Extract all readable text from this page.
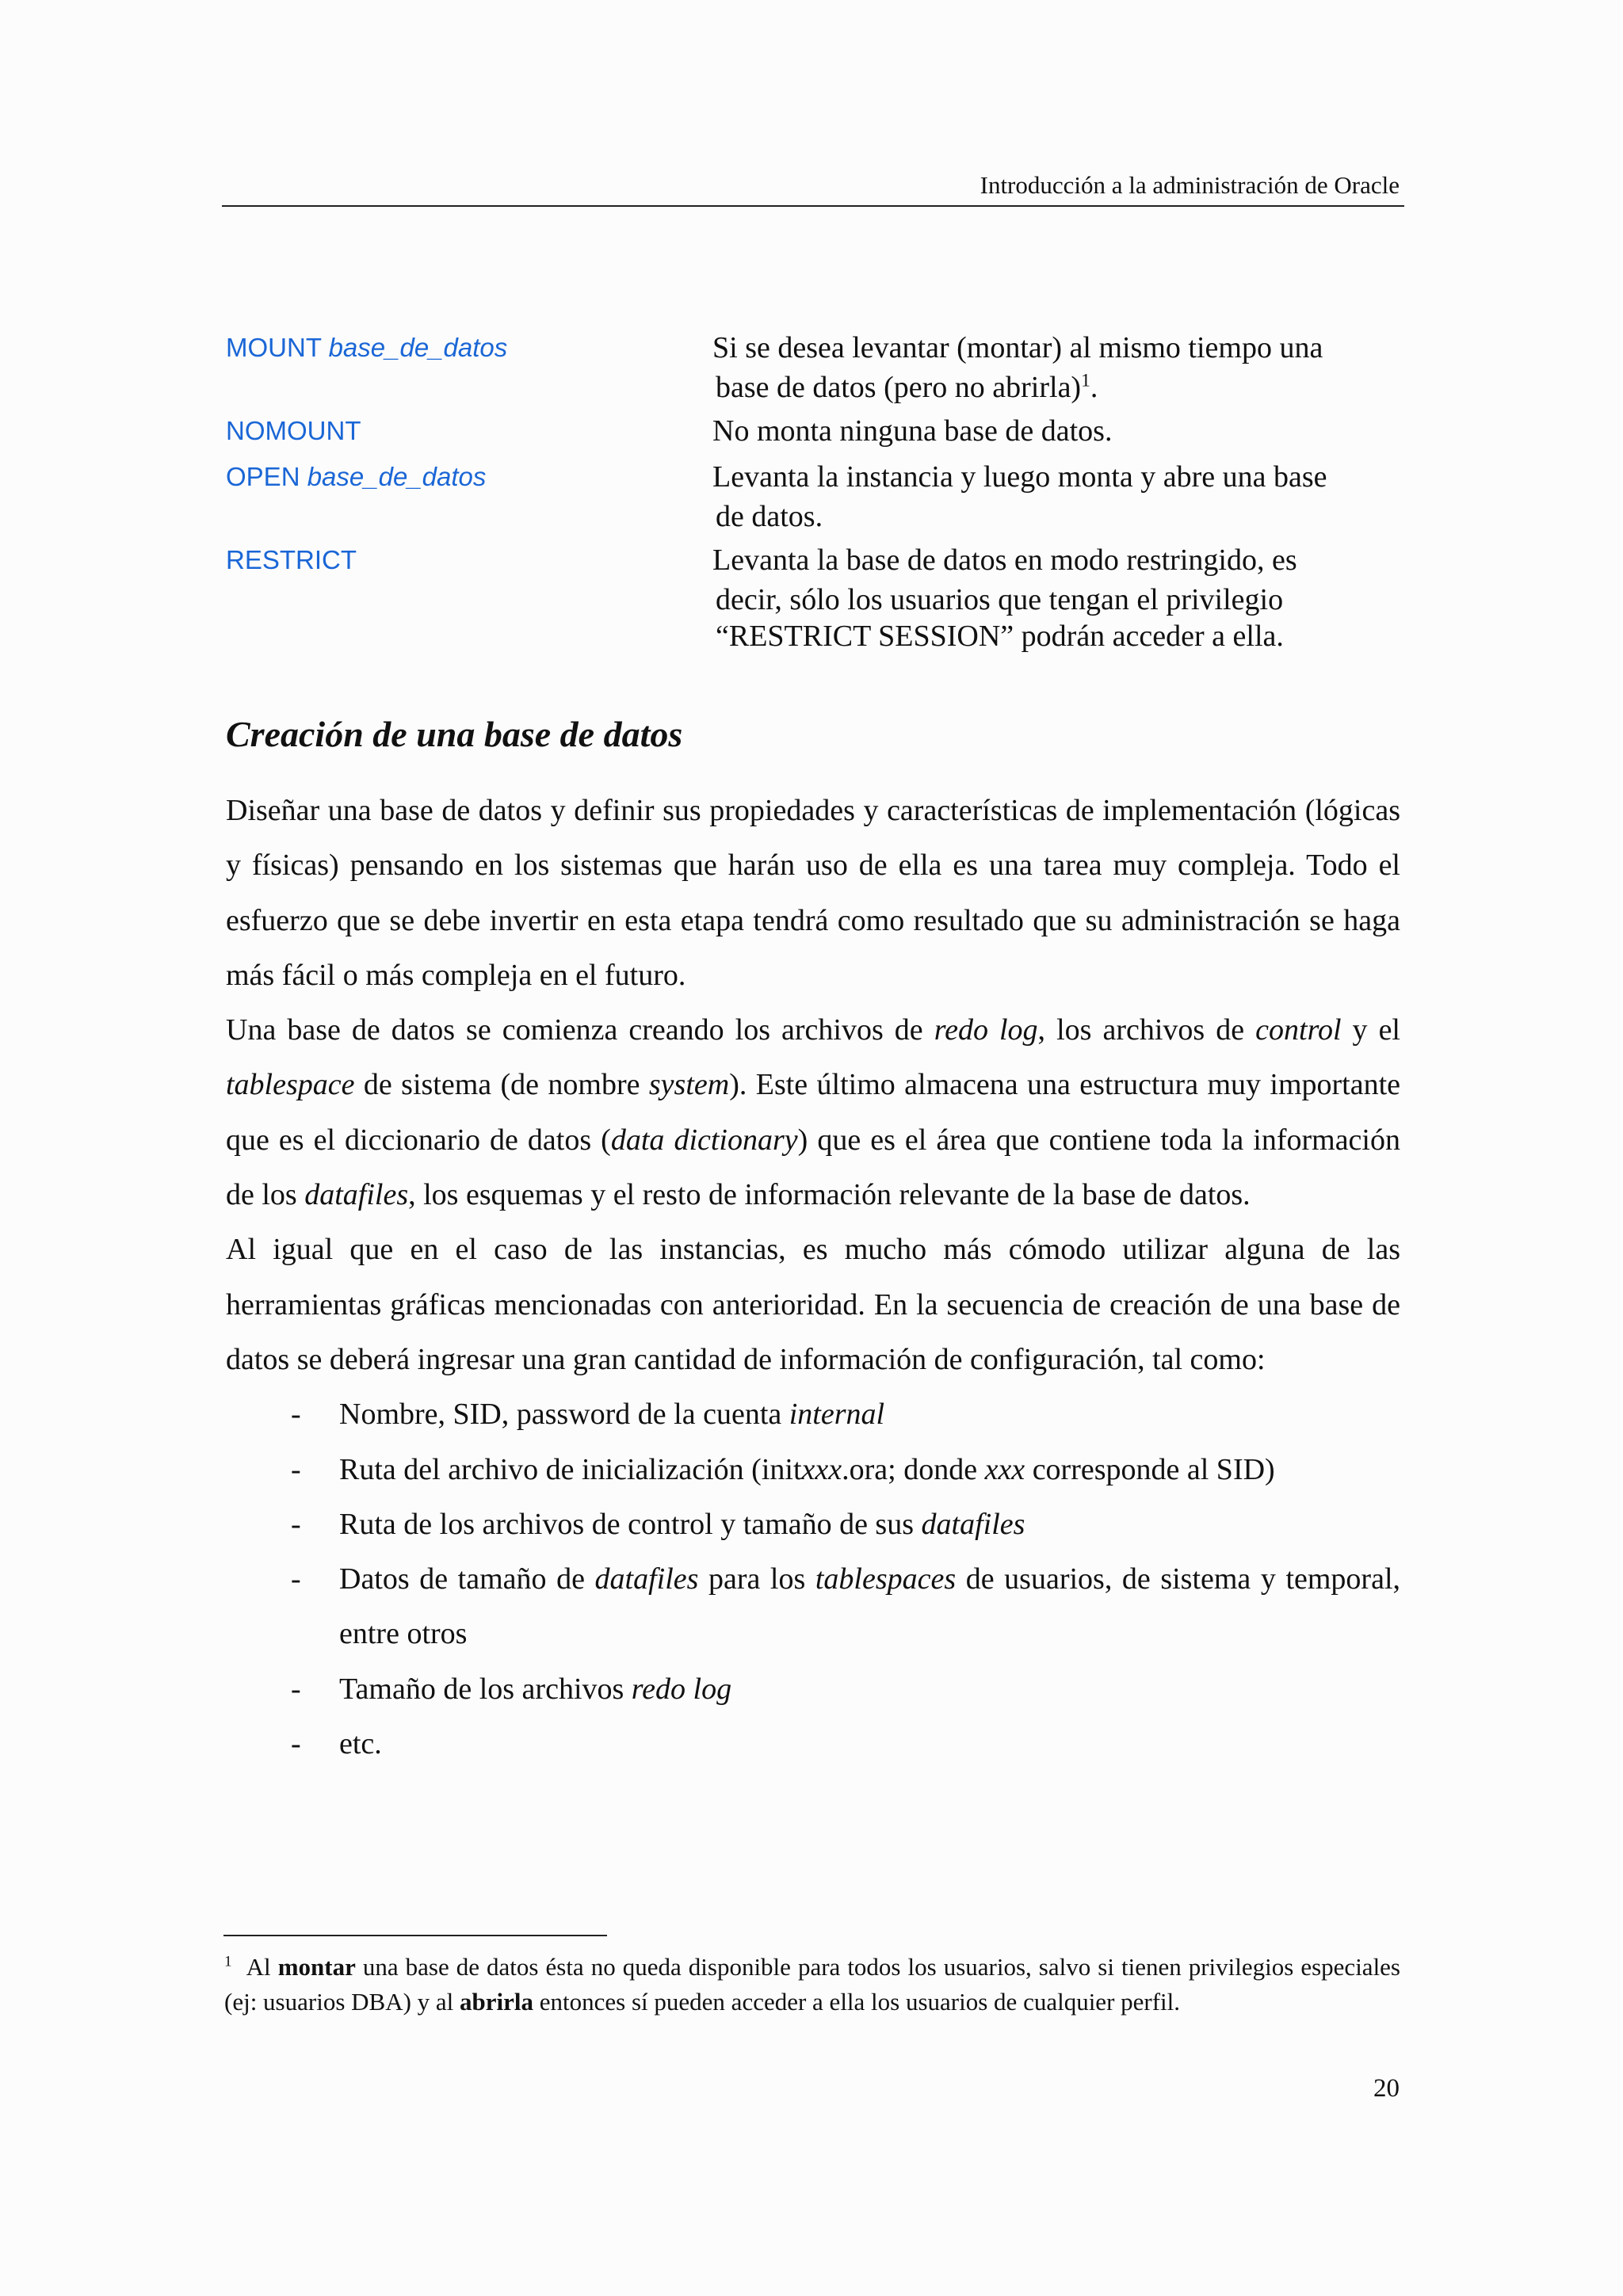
Introducción a la administración de Oracle
MOUNT base_de_datos	Si se desea levantar (montar) al mismo tiempo una
base de datos (pero no abrirla)$^1$.
NOMOUNT	No monta ninguna base de datos.
OPEN base_de_datos	Levanta la instancia y luego monta y abre una base
de datos.
RESTRICT	Levanta la base de datos en modo restringido, es
decir, sólo los usuarios que tengan el privilegio
“RESTRICT SESSION” podrán acceder a ella.
Creación de una base de datos

Diseñar una base de datos y definir sus propiedades y características de implementación (lógicas y físicas) pensando en los sistemas que harán uso de ella es una tarea muy compleja. Todo el esfuerzo que se debe invertir en esta etapa tendrá como resultado que su administración se haga más fácil o más compleja en el futuro.

Una base de datos se comienza creando los archivos de redo log, los archivos de control y el tablespace de sistema (de nombre system). Este último almacena una estructura muy importante que es el diccionario de datos (data dictionary) que es el área que contiene toda la información de los datafiles, los esquemas y el resto de información relevante de la base de datos.

Al igual que en el caso de las instancias, es mucho más cómodo utilizar alguna de las herramientas gráficas mencionadas con anterioridad. En la secuencia de creación de una base de datos se deberá ingresar una gran cantidad de información de configuración, tal como:

- Nombre, SID, password de la cuenta internal
- Ruta del archivo de inicialización (initxxx.ora; donde xxx corresponde al SID)
- Ruta de los archivos de control y tamaño de sus datafiles
- Datos de tamaño de datafiles para los tablespaces de usuarios, de sistema y temporal, entre otros
- Tamaño de los archivos redo log
- etc.
$^1$ Al montar una base de datos ésta no queda disponible para todos los usuarios, salvo si tienen privilegios especiales (ej: usuarios DBA) y al abrirla entonces sí pueden acceder a ella los usuarios de cualquier perfil.
20
